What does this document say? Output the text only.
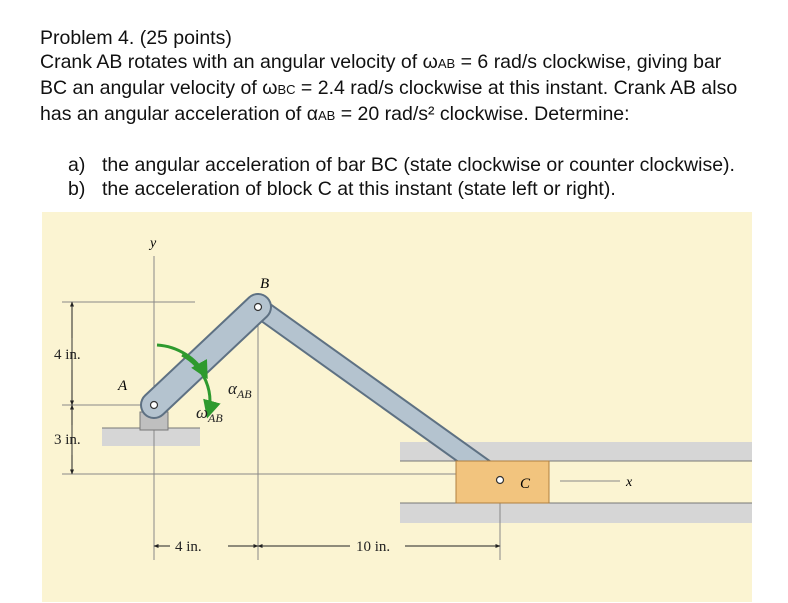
Problem 4. (25 points)

Crank AB rotates with an angular velocity of ωAB = 6 rad/s clockwise, giving bar

BC an angular velocity of ωBC = 2.4 rad/s clockwise at this instant. Crank AB also

has an angular acceleration of αAB = 20 rad/s² clockwise. Determine:

a) the angular acceleration of bar BC (state clockwise or counter clockwise).
b) the acceleration of block C at this instant (state left or right).
y
x
4 in.
3 in.
4 in.	10 in.
C
A
B
$\alpha_{AB}$
$\omega_{AB}$
